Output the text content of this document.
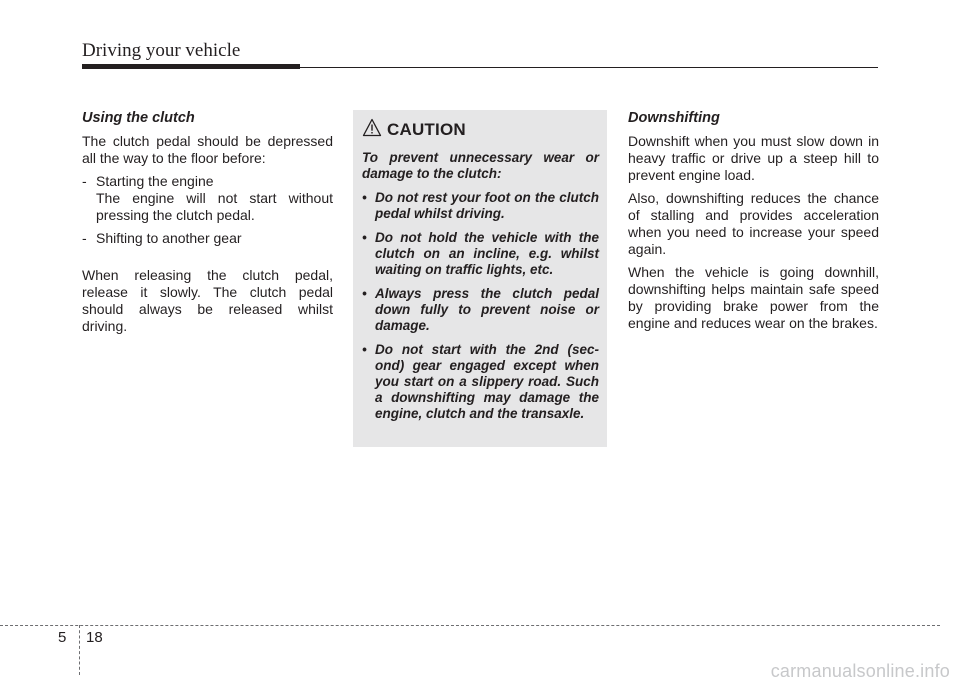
Driving your vehicle
Using the clutch

The clutch pedal should be depressed all the way to the floor before:

- Starting the engine
The engine will not start without pressing the clutch pedal.
- Shifting to another gear

When releasing the clutch pedal, release it slowly. The clutch pedal should always be released whilst driving.

CAUTION

To prevent unnecessary wear or damage to the clutch:

• Do not rest your foot on the clutch pedal whilst driving.
• Do not hold the vehicle with the clutch on an incline, e.g. whilst waiting on traffic lights, etc.
• Always press the clutch pedal down fully to prevent noise or damage.
• Do not start with the 2nd (sec- ond) gear engaged except when you start on a slippery road. Such a downshifting may damage the engine, clutch and the transaxle.
Downshifting

Downshift when you must slow down in heavy traffic or drive up a steep hill to prevent engine load.

Also, downshifting reduces the chance of stalling and provides acceleration when you need to increase your speed again.

When the vehicle is going downhill, downshifting helps maintain safe speed by providing brake power from the engine and reduces wear on the brakes.

5 18
carmanualsonline.info
